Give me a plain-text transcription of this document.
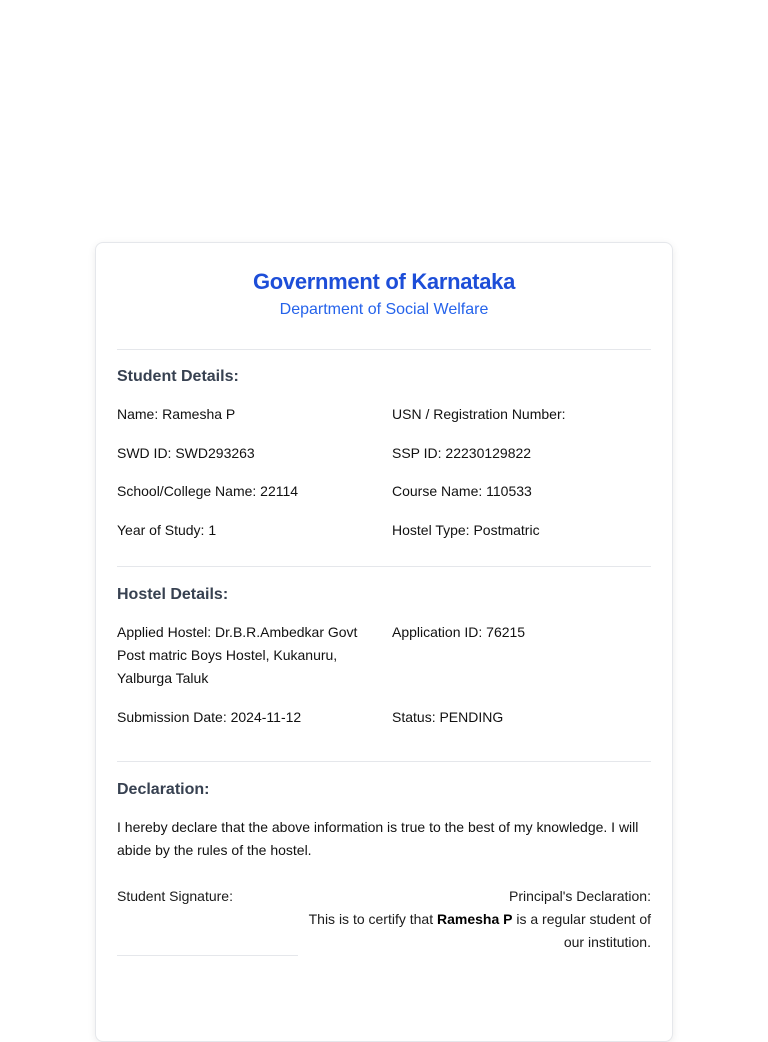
Government of Karnataka
Department of Social Welfare
Student Details:
Name: Ramesha P	USN / Registration Number:
SWD ID: SWD293263	SSP ID: 22230129822
School/College Name: 22114	Course Name: 110533
Year of Study: 1	Hostel Type: Postmatric
Hostel Details:
Applied Hostel: Dr.B.R.Ambedkar Govt Post matric Boys Hostel, Kukanuru, Yalburga Taluk
Application ID: 76215
Submission Date: 2024-11-12	Status: PENDING
Declaration:
I hereby declare that the above information is true to the best of my knowledge. I will abide by the rules of the hostel.
Student Signature:	Principal's Declaration:
This is to certify that Ramesha P is a regular student of our institution.
